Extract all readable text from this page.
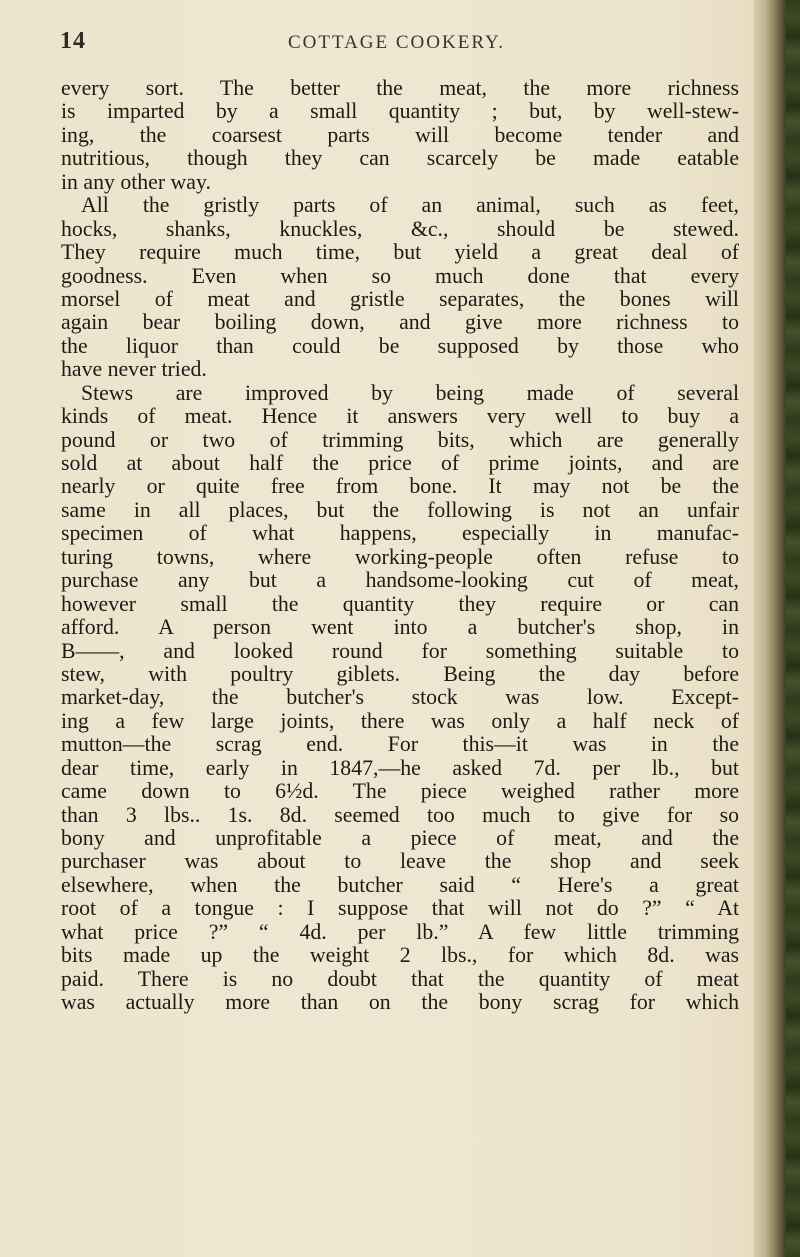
14	COTTAGE COOKERY.
every sort. The better the meat, the more richness
is imparted by a small quantity ; but, by well-stew-
ing, the coarsest parts will become tender and
nutritious, though they can scarcely be made eatable
in any other way.
All the gristly parts of an animal, such as feet,
hocks, shanks, knuckles, &c., should be stewed.
They require much time, but yield a great deal of
goodness. Even when so much done that every
morsel of meat and gristle separates, the bones will
again bear boiling down, and give more richness to
the liquor than could be supposed by those who
have never tried.
Stews are improved by being made of several
kinds of meat. Hence it answers very well to buy a
pound or two of trimming bits, which are generally
sold at about half the price of prime joints, and are
nearly or quite free from bone. It may not be the
same in all places, but the following is not an unfair
specimen of what happens, especially in manufac-
turing towns, where working-people often refuse to
purchase any but a handsome-looking cut of meat,
however small the quantity they require or can
afford. A person went into a butcher's shop, in
B——, and looked round for something suitable to
stew, with poultry giblets. Being the day before
market-day, the butcher's stock was low. Except-
ing a few large joints, there was only a half neck of
mutton—the scrag end. For this—it was in the
dear time, early in 1847,—he asked 7d. per lb., but
came down to 6½d. The piece weighed rather more
than 3 lbs.. 1s. 8d. seemed too much to give for so
bony and unprofitable a piece of meat, and the
purchaser was about to leave the shop and seek
elsewhere, when the butcher said “ Here's a great
root of a tongue : I suppose that will not do ?” “ At
what price ?” “ 4d. per lb.” A few little trimming
bits made up the weight 2 lbs., for which 8d. was
paid. There is no doubt that the quantity of meat
was actually more than on the bony scrag for which
